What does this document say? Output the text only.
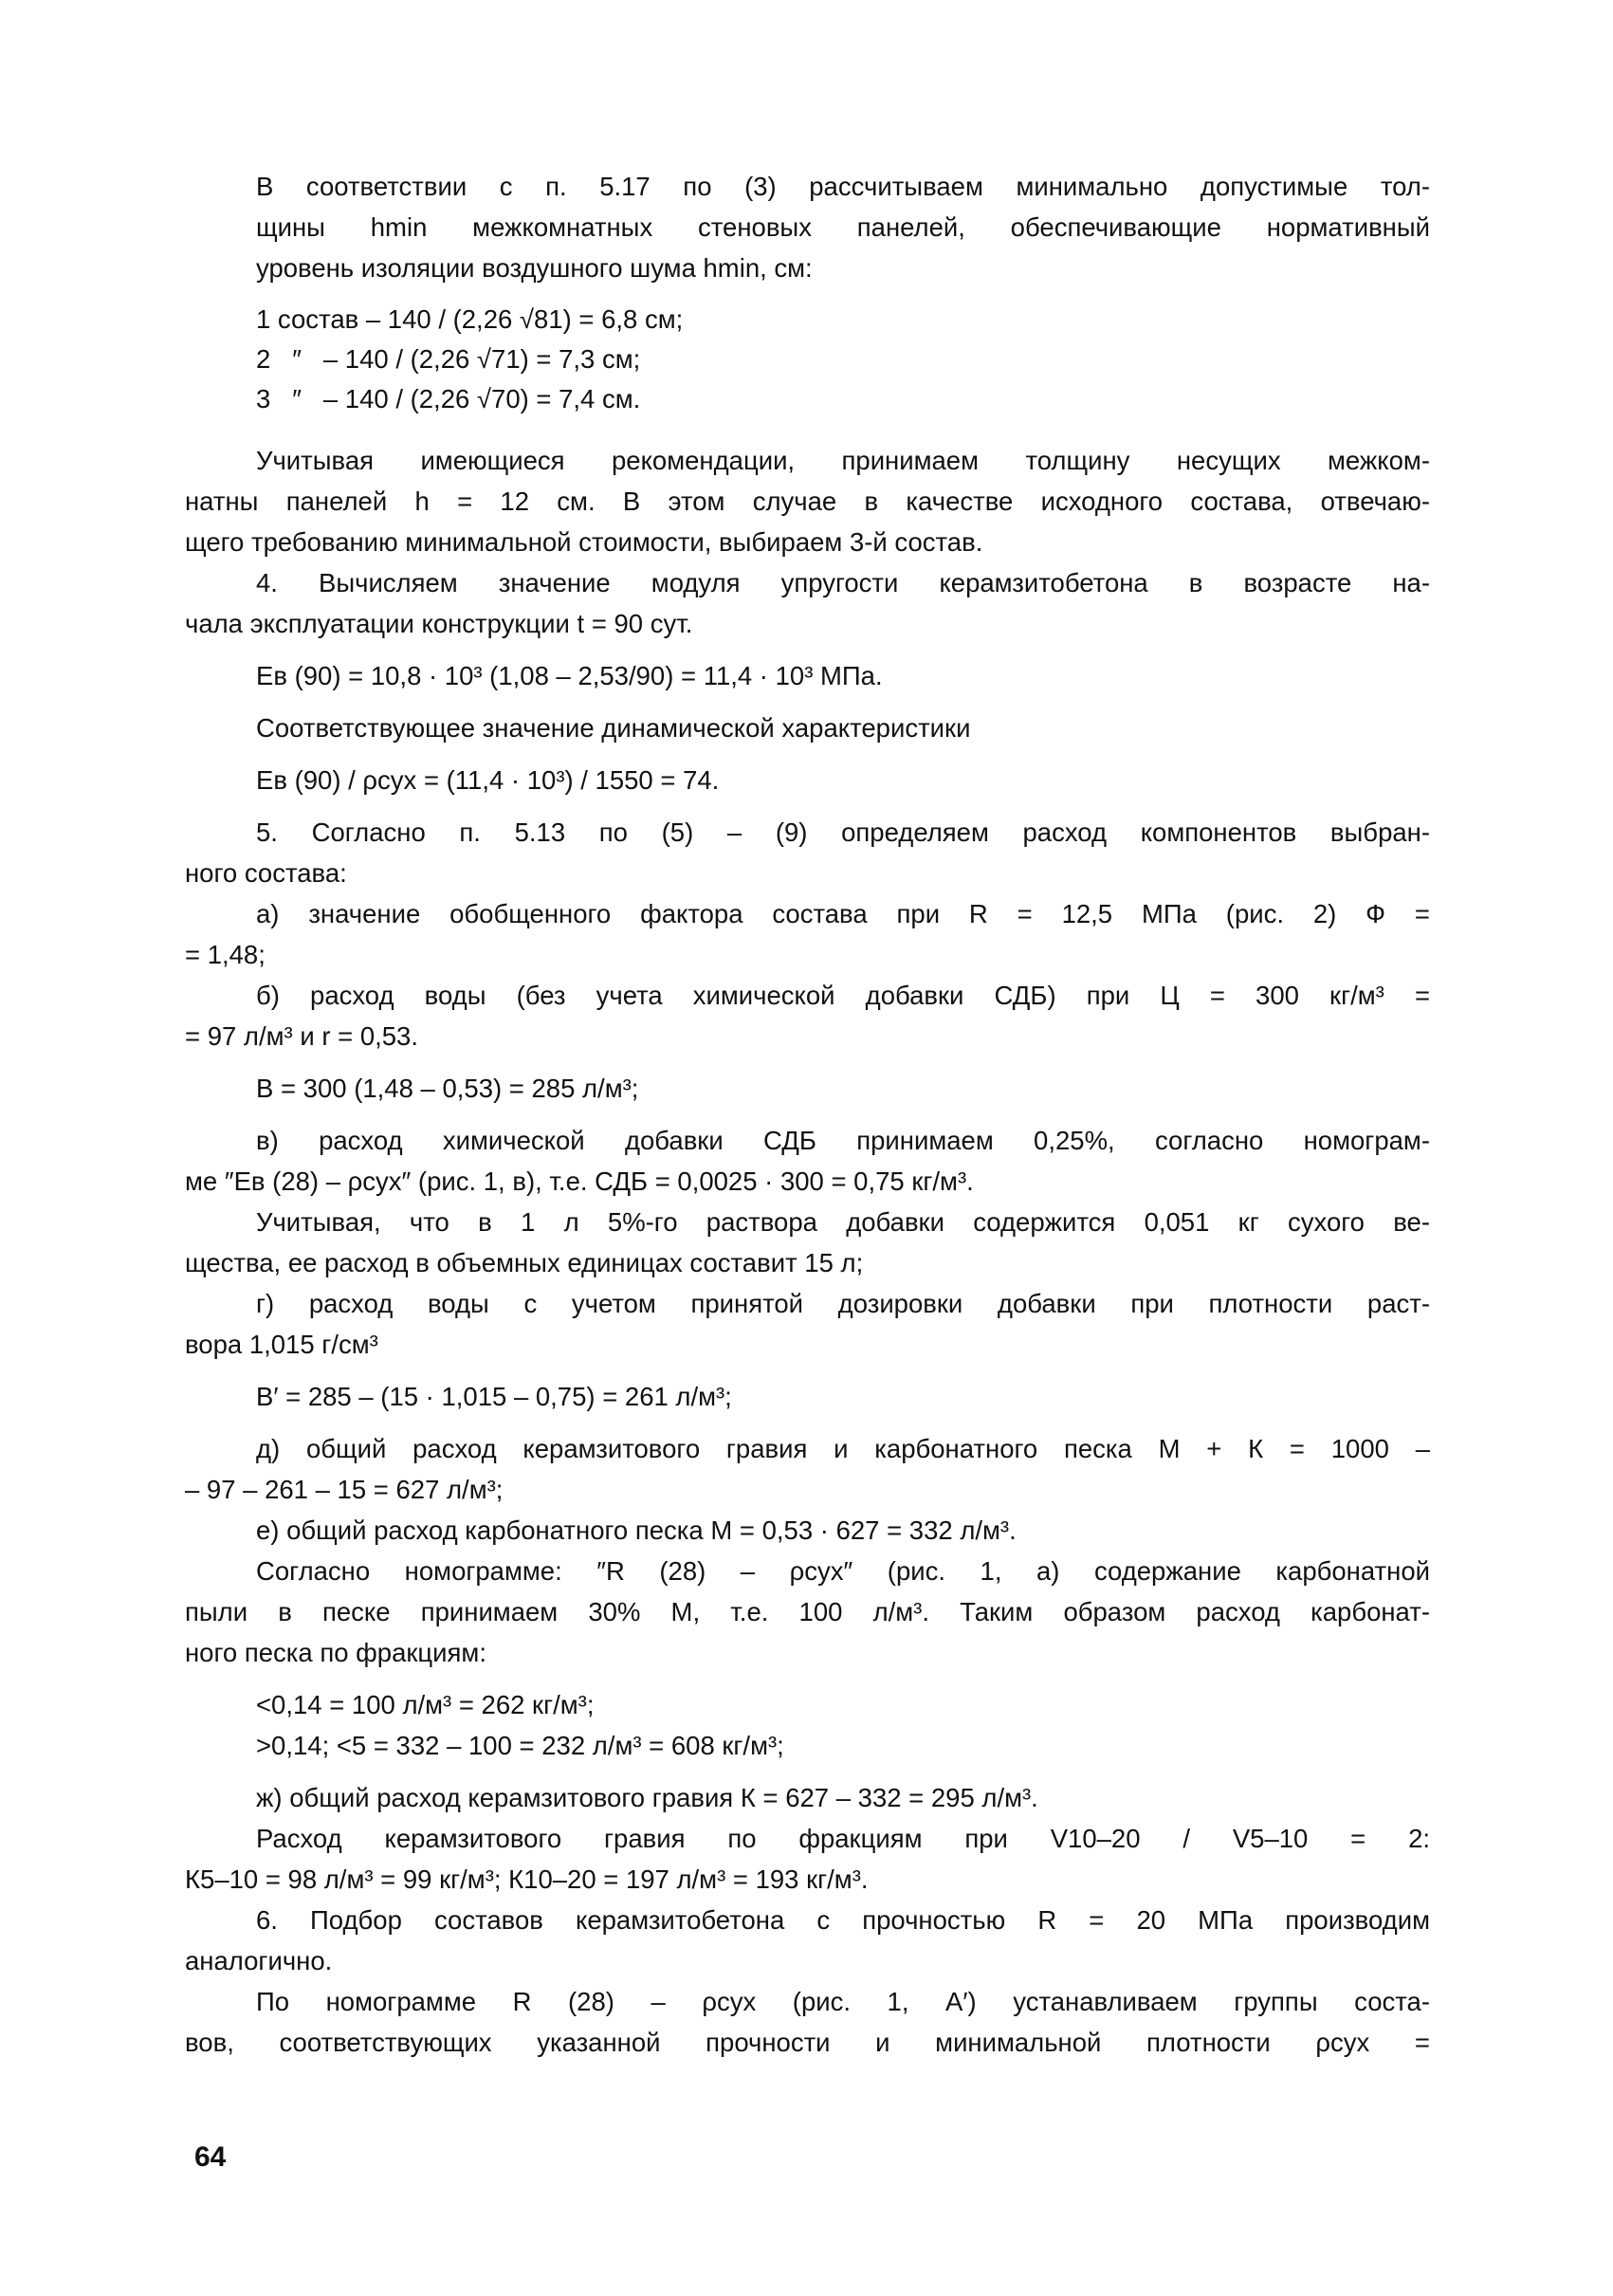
В соответствии с п. 5.17 по (3) рассчитываем минимально допустимые тол-

щины hmin межкомнатных стеновых панелей, обеспечивающие нормативный

уровень изоляции воздушного шума hmin, см:

1 состав – 140 / (2,26 √81) = 6,8 см;

2   ″   – 140 / (2,26 √71) = 7,3 см;

3   ″   – 140 / (2,26 √70) = 7,4 см.

Учитывая имеющиеся рекомендации, принимаем толщину несущих межком-

натны панелей h = 12 см. В этом случае в качестве исходного состава, отвечаю-

щего требованию минимальной стоимости, выбираем 3-й состав.

4. Вычисляем значение модуля упругости керамзитобетона в возрасте на-

чала эксплуатации конструкции t = 90 сут.

Eв (90) = 10,8 · 10³ (1,08 – 2,53/90) = 11,4 · 10³ МПа.

Соответствующее значение динамической характеристики

Eв (90) / ρсух = (11,4 · 10³) / 1550 = 74.

5. Согласно п. 5.13 по (5) – (9) определяем расход компонентов выбран-

ного состава:

а) значение обобщенного фактора состава при R = 12,5 МПа (рис. 2) Ф =

= 1,48;

б) расход воды (без учета химической добавки СДБ) при Ц = 300 кг/м³ =

= 97 л/м³ и r = 0,53.

В = 300 (1,48 – 0,53) = 285 л/м³;

в) расход химической добавки СДБ принимаем 0,25%, согласно номограм-

ме ″Eв (28) – ρсух″ (рис. 1, в), т.е. СДБ = 0,0025 · 300 = 0,75 кг/м³.

Учитывая, что в 1 л 5%-го раствора добавки содержится 0,051 кг сухого ве-

щества, ее расход в объемных единицах составит 15 л;

г) расход воды с учетом принятой дозировки добавки при плотности раст-

вора 1,015 г/см³

В′ = 285 – (15 · 1,015 – 0,75) = 261 л/м³;

д) общий расход керамзитового гравия и карбонатного песка М + К = 1000 –

– 97 – 261 – 15 = 627 л/м³;

е) общий расход карбонатного песка М = 0,53 · 627 = 332 л/м³.

Согласно номограмме: ″R (28) – ρсух″ (рис. 1, а) содержание карбонатной

пыли в песке принимаем 30% М, т.е. 100 л/м³. Таким образом расход карбонат-

ного песка по фракциям:

<0,14 = 100 л/м³ = 262 кг/м³;

>0,14; <5 = 332 – 100 = 232 л/м³ = 608 кг/м³;

ж) общий расход керамзитового гравия К = 627 – 332 = 295 л/м³.

Расход керамзитового гравия по фракциям при V10–20 / V5–10 = 2:

К5–10 = 98 л/м³ = 99 кг/м³; К10–20 = 197 л/м³ = 193 кг/м³.

6. Подбор составов керамзитобетона с прочностью R = 20 МПа производим

аналогично.

По номограмме R (28) – ρсух (рис. 1, А′) устанавливаем группы соста-

вов, соответствующих указанной прочности и минимальной плотности ρсух =

64
